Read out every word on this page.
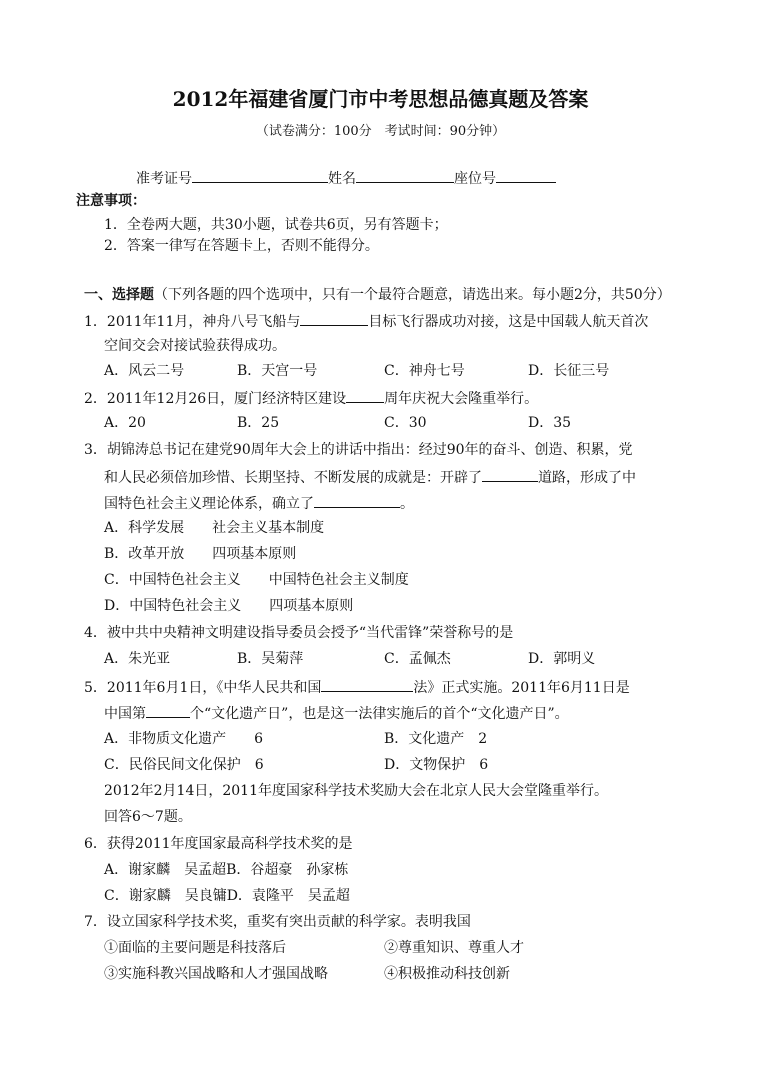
2012年福建省厦门市中考思想品德真题及答案
（试卷满分：100分　考试时间：90分钟）
准考证号	姓名	座位号
注意事项：
1．全卷两大题，共30小题，试卷共6页，另有答题卡；
2．答案一律写在答题卡上，否则不能得分。
一、选择题（下列各题的四个选项中，只有一个最符合题意，请选出来。每小题2分，共50分）
1．2011年11月，神舟八号飞船与	目标飞行器成功对接，这是中国载人航天首次
空间交会对接试验获得成功。
A．风云二号	B．天宫一号	C．神舟七号	D．长征三号
2．2011年12月26日，厦门经济特区建设	周年庆祝大会隆重举行。
A．20	B．25	C．30	D．35
3．胡锦涛总书记在建党90周年大会上的讲话中指出：经过90年的奋斗、创造、积累，党
和人民必须倍加珍惜、长期坚持、不断发展的成就是：开辟了	道路，形成了中
国特色社会主义理论体系，确立了	。
A．科学发展　　社会主义基本制度
B．改革开放　　四项基本原则
C．中国特色社会主义　　中国特色社会主义制度
D．中国特色社会主义　　四项基本原则
4．被中共中央精神文明建设指导委员会授予“当代雷锋”荣誉称号的是
A．朱光亚	B．吴菊萍	C．孟佩杰	D．郭明义
5．2011年6月1日，《中华人民共和国	法》正式实施。2011年6月11日是
中国第	个“文化遗产日”，也是这一法律实施后的首个“文化遗产日”。
A．非物质文化遗产　　6	B．文化遗产　2
C．民俗民间文化保护　6	D．文物保护　6
2012年2月14日，2011年度国家科学技术奖励大会在北京人民大会堂隆重举行。
回答6～7题。
6．获得2011年度国家最高科学技术奖的是
A．谢家麟　吴孟超B．谷超豪　孙家栋
C．谢家麟　吴良镛D．袁隆平　吴孟超
7．设立国家科学技术奖，重奖有突出贡献的科学家。表明我国
①面临的主要问题是科技落后	②尊重知识、尊重人才
③实施科教兴国战略和人才强国战略	④积极推动科技创新
